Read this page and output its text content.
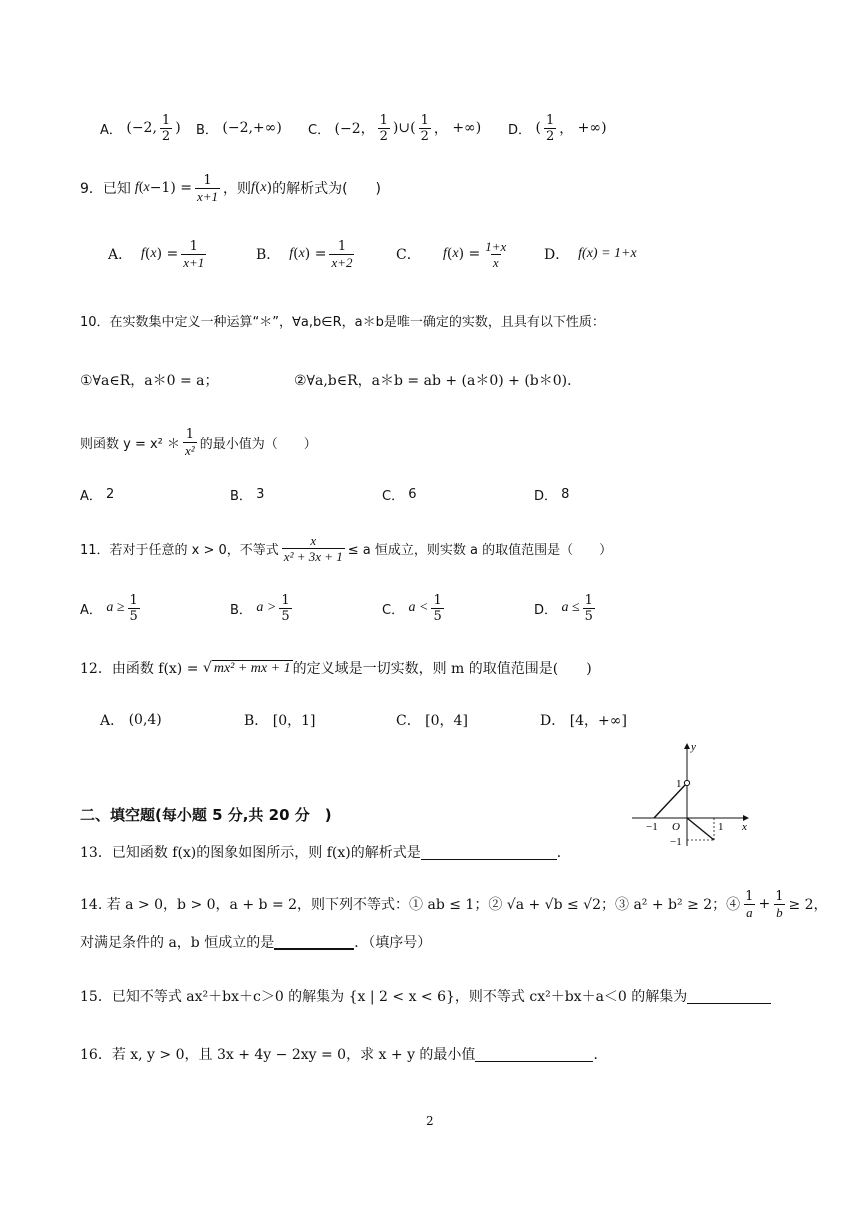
A．
(−2, $\frac{1}{2}$ ) B．
(−2,+∞) C．
(−2， $\frac{1}{2}$ ) ∪ ( $\frac{1}{2}$ ，
+∞) D．
( $\frac{1}{2}$ ，
+∞)
9．已知 f ( $x -1) = \frac{1}{x+1}$ ，则 f ( x ) 的解析式为(　　)
A．
f ( x ) = $\frac{1}{x+1}$	B．
f ( x ) = $\frac{1}{x+2}$	C．
f ( x ) = $\frac{1+x}{x}$	D．
f(x) = 1+x
10．在实数集中定义一种运算“＊”，∀a,b∈R，a＊b是唯一确定的实数，且具有以下性质：
①∀a∈R，a＊0 = a；	②∀a,b∈R，a＊b = ab + (a＊0) + (b＊0)．
则函数 y = x² ＊ $\frac{1}{\text{x²}}$ 的最小值为（　　）
A．
2	B．
3	C．
6	D．
8
11．若对于任意的 x > 0，不等式 $\frac{x}{\text{x² + 3x + 1}} \le a$ 恒成立，则实数 a 的取值范围是（　　）
A．
$a \ge \frac{1}{5}$	B．
$a > \frac{1}{5}$	C．
$a < \frac{1}{5}$	D．
$a \le \frac{1}{5}$
12．由函数 f(x) = √ mx² + mx + 1 的定义域是一切实数，则 m 的取值范围是(　　)
A．
(0,4)	B．
[0，1]	C．
[0，4]	D．
[4，+∞]
二、填空题(每小题 5 分,共 20 分　)
y
x
O
1
−1	1
−1
13．已知函数 f(x)的图象如图所示，则 f(x)的解析式是	．
14. 若 a > 0，b > 0，a + b = 2，则下列不等式：① ab ≤ 1；② √a + √b ≤ √2；③ a² + b² ≥ 2；④ $\frac{1}{a} + \frac{1}{b} \ge 2$，
对满足条件的 a，b 恒成立的是	．（填序号）
15．已知不等式 ax²＋bx＋c＞0 的解集为 {x | 2 < x < 6}，则不等式 cx²＋bx＋a＜0 的解集为
16．若 x, y > 0，且 3x + 4y − 2xy = 0，求 x + y 的最小值	．
2
